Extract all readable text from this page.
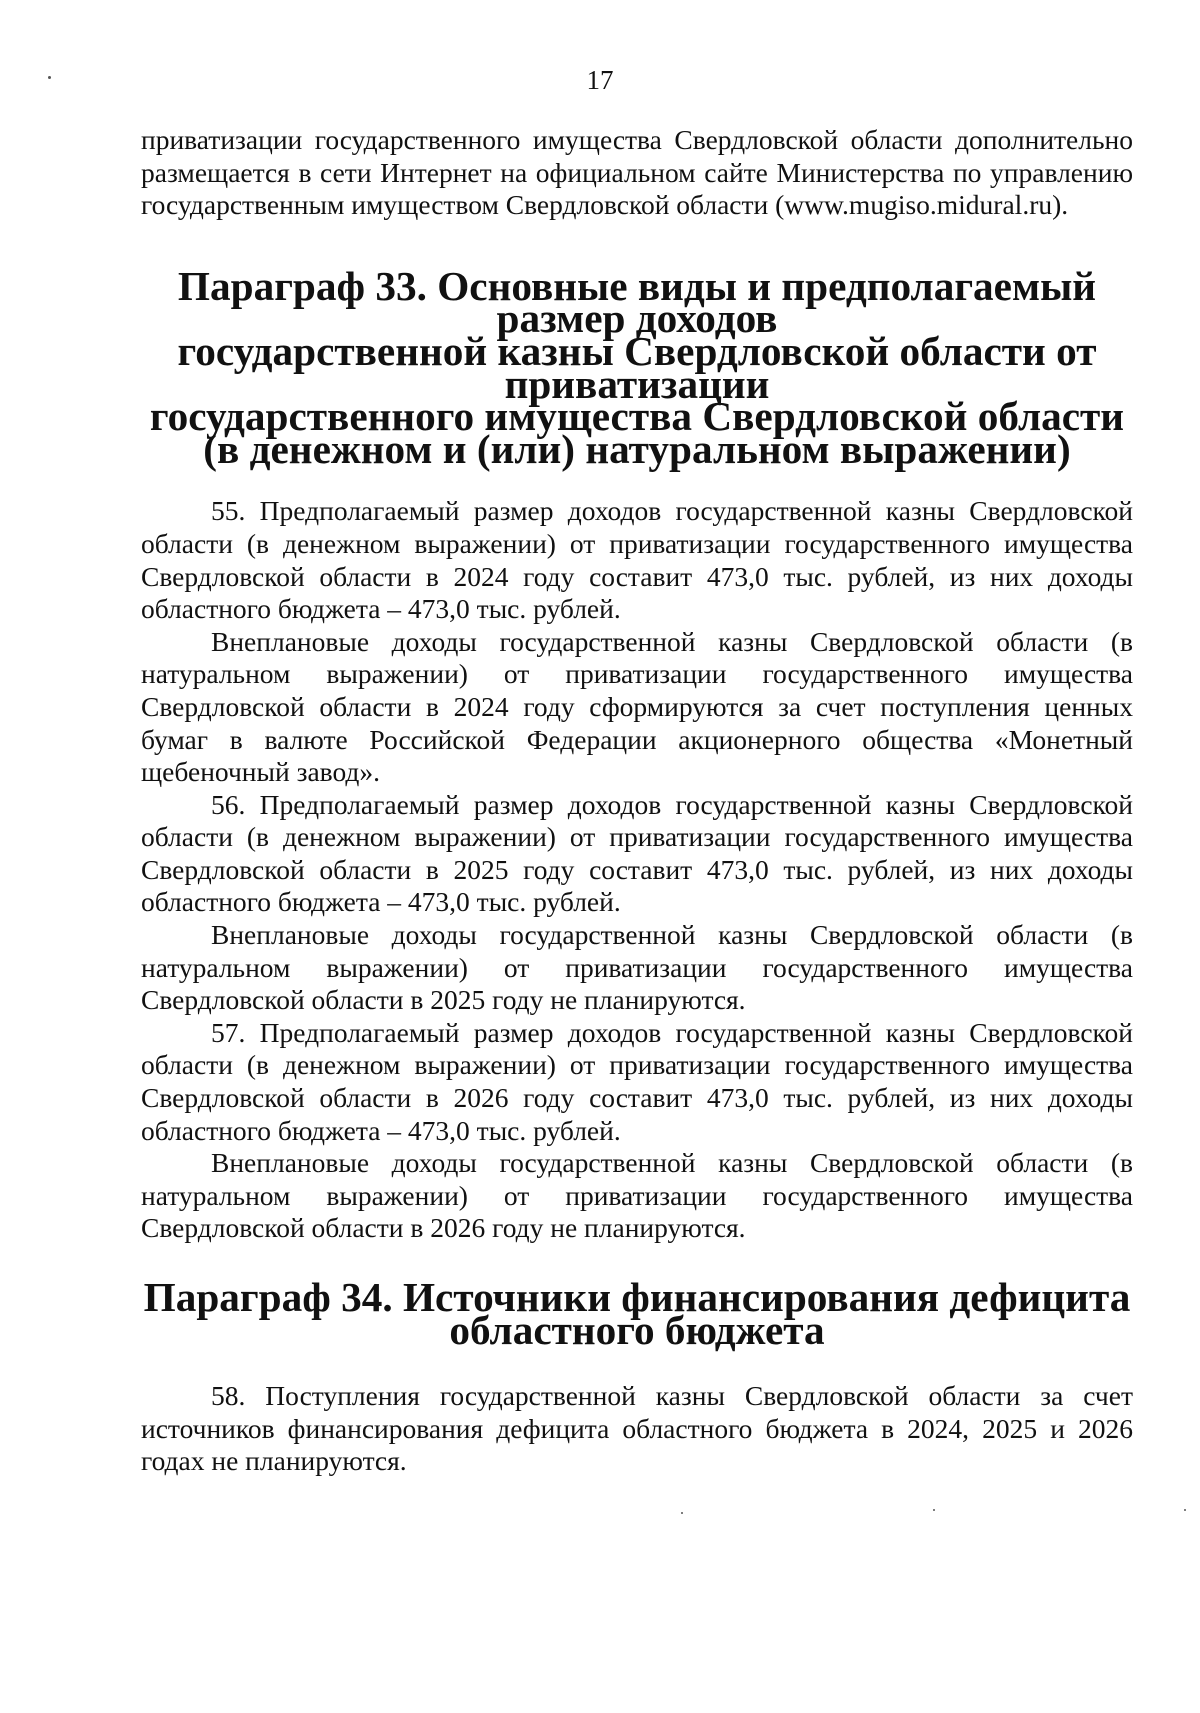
17

приватизации государственного имущества Свердловской области дополнительно размещается в сети Интернет на официальном сайте Министерства по управлению государственным имуществом Свердловской области (www.mugiso.midural.ru).

Параграф 33. Основные виды и предполагаемый размер доходов
государственной казны Свердловской области от приватизации
государственного имущества Свердловской области
(в денежном и (или) натуральном выражении)

55. Предполагаемый размер доходов государственной казны Свердловской области (в денежном выражении) от приватизации государственного имущества Свердловской области в 2024 году составит 473,0 тыс. рублей, из них доходы областного бюджета – 473,0 тыс. рублей.

Внеплановые доходы государственной казны Свердловской области (в натуральном выражении) от приватизации государственного имущества Свердловской области в 2024 году сформируются за счет поступления ценных бумаг в валюте Российской Федерации акционерного общества «Монетный щебеночный завод».

56. Предполагаемый размер доходов государственной казны Свердловской области (в денежном выражении) от приватизации государственного имущества Свердловской области в 2025 году составит 473,0 тыс. рублей, из них доходы областного бюджета – 473,0 тыс. рублей.

Внеплановые доходы государственной казны Свердловской области (в натуральном выражении) от приватизации государственного имущества Свердловской области в 2025 году не планируются.

57. Предполагаемый размер доходов государственной казны Свердловской области (в денежном выражении) от приватизации государственного имущества Свердловской области в 2026 году составит 473,0 тыс. рублей, из них доходы областного бюджета – 473,0 тыс. рублей.

Внеплановые доходы государственной казны Свердловской области (в натуральном выражении) от приватизации государственного имущества Свердловской области в 2026 году не планируются.

Параграф 34. Источники финансирования дефицита областного бюджета

58. Поступления государственной казны Свердловской области за счет источников финансирования дефицита областного бюджета в 2024, 2025 и 2026 годах не планируются.
